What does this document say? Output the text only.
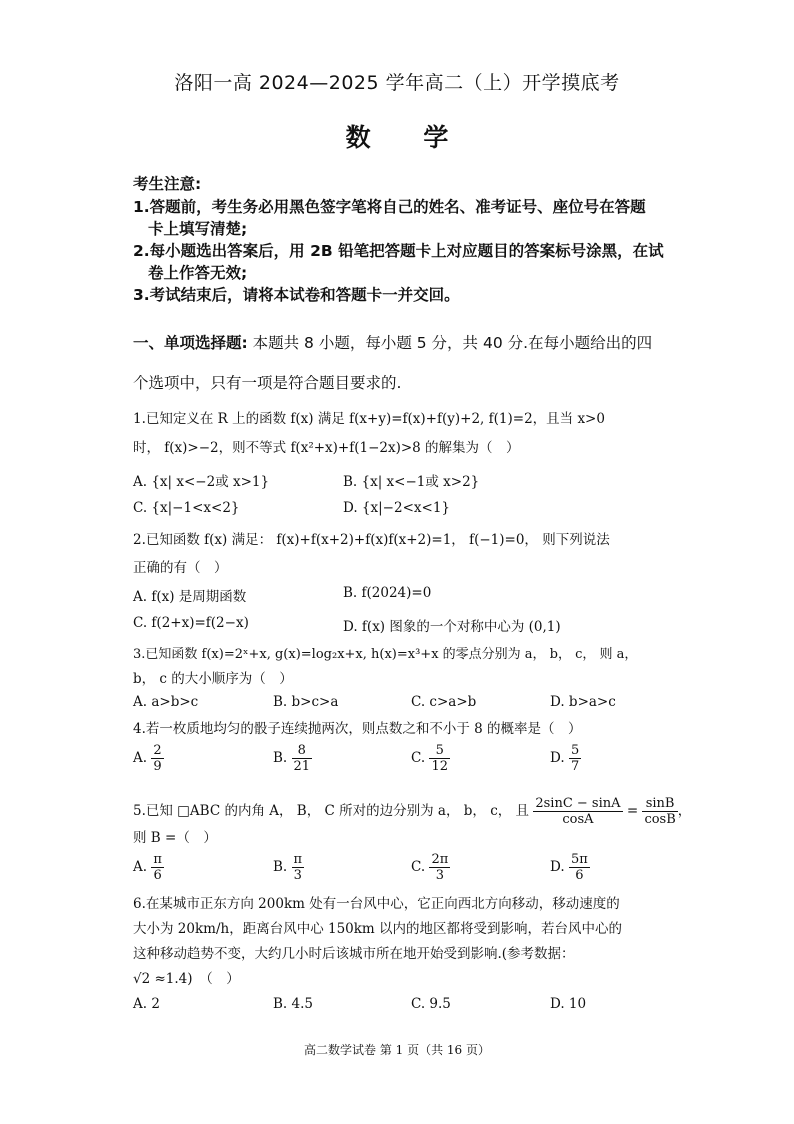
洛阳一高 2024—2025 学年高二（上）开学摸底考
数 学
考生注意:
1.答题前，考生务必用黑色签字笔将自己的姓名、准考证号、座位号在答题
卡上填写清楚;
2.每小题选出答案后，用 2B 铅笔把答题卡上对应题目的答案标号涂黑，在试
卷上作答无效;
3.考试结束后，请将本试卷和答题卡一并交回。
一、单项选择题: 本题共 8 小题，每小题 5 分，共 40 分.在每小题给出的四
个选项中，只有一项是符合题目要求的.
1.已知定义在 R 上的函数 f(x) 满足 f(x+y)=f(x)+f(y)+2, f(1)=2，且当 x>0
时， f(x)>−2，则不等式 f(x²+x)+f(1−2x)>8 的解集为（　）
A. {x| x<−2或 x>1}	B. {x| x<−1或 x>2}
C. {x|−1<x<2}	D. {x|−2<x<1}
2.已知函数 f(x) 满足： f(x)+f(x+2)+f(x)f(x+2)=1， f(−1)=0， 则下列说法
正确的有（　）
A. f(x) 是周期函数	B. f(2024)=0
C. f(2+x)=f(2−x)	D. f(x) 图象的一个对称中心为 (0,1)
3.已知函数 f(x)=2ˣ+x, g(x)=log₂x+x, h(x)=x³+x 的零点分别为 a， b， c， 则 a，
b， c 的大小顺序为（　）
A. a>b>c	B. b>c>a	C. c>a>b	D. b>a>c
4.若一枚质地均匀的骰子连续抛两次，则点数之和不小于 8 的概率是（　）
A. $\frac{2}{9}$	B. $\frac{8}{21}$	C. $\frac{5}{12}$	D. $\frac{5}{7}$
5.已知 □ABC 的内角 A， B， C 所对的边分别为 a， b， c， 且 $\frac{2\sin C - \sin A}{\cos A} = \frac{\sin B}{\cos B}$ ，
则 B =（　）
A. $\frac{\pi}{6}$	B. $\frac{\pi}{3}$	C. $\frac{2\pi}{3}$	D. $\frac{5\pi}{6}$
6.在某城市正东方向 200km 处有一台风中心，它正向西北方向移动，移动速度的
大小为 20km/h，距离台风中心 150km 以内的地区都将受到影响，若台风中心的
这种移动趋势不变，大约几小时后该城市所在地开始受到影响.(参考数据：
√2 ≈1.4)　（　）
A. 2	B. 4.5	C. 9.5	D. 10
高二数学试卷 第 1 页（共 16 页）
